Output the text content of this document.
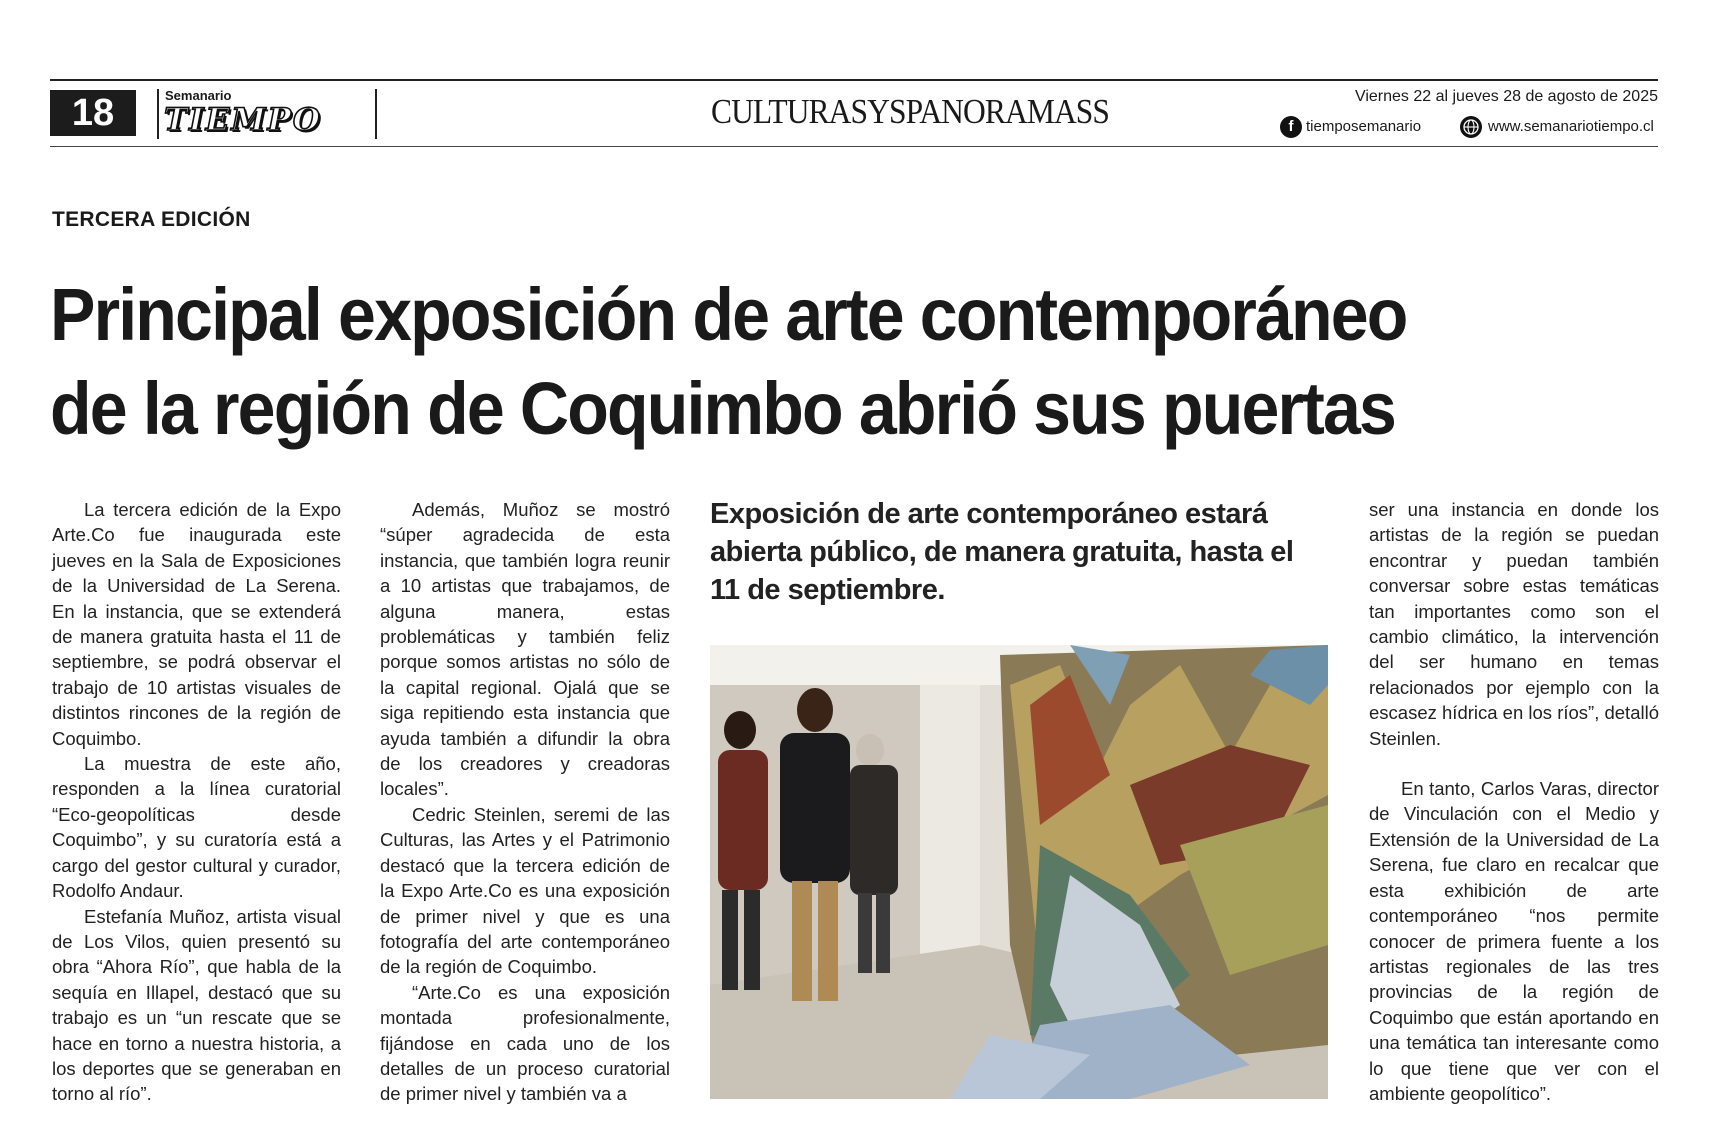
18	Semanario
TIEMPO	CULTURASYSPANORAMASS	Viernes 22 al jueves 28 de agosto de 2025
f tiemposemanario	www.semanariotiempo.cl
TERCERA EDICIÓN
Principal exposición de arte contemporáneo
de la región de Coquimbo abrió sus puertas

La tercera edición de la Expo Arte.Co fue inaugurada este jueves en la Sala de Exposiciones de la Universidad de La Serena. En la instancia, que se extenderá de manera gratuita hasta el 11 de septiembre, se podrá observar el trabajo de 10 artistas visuales de distintos rincones de la región de Coquimbo.

La muestra de este año, responden a la línea curatorial “Eco-geopolíticas desde Coquimbo”, y su curatoría está a cargo del gestor cultural y curador, Rodolfo Andaur.

Estefanía Muñoz, artista visual de Los Vilos, quien presentó su obra “Ahora Río”, que habla de la sequía en Illapel, destacó que su trabajo es un “un rescate que se hace en torno a nuestra historia, a los deportes que se generaban en torno al río”.

Además, Muñoz se mostró “súper agradecida de esta instancia, que también logra reunir a 10 artistas que trabajamos, de alguna manera, estas problemáticas y también feliz porque somos artistas no sólo de la capital regional. Ojalá que se siga repitiendo esta instancia que ayuda también a difundir la obra de los creadores y creadoras locales”.

Cedric Steinlen, seremi de las Culturas, las Artes y el Patrimonio destacó que la tercera edición de la Expo Arte.Co es una exposición de primer nivel y que es una fotografía del arte contemporáneo de la región de Coquimbo.

“Arte.Co es una exposición montada profesionalmente, fijándose en cada uno de los detalles de un proceso curatorial de primer nivel y también va a

Exposición de arte contemporáneo estará abierta público, de manera gratuita, hasta el 11 de septiembre.

ser una instancia en donde los artistas de la región se puedan encontrar y puedan también conversar sobre estas temáticas tan importantes como son el cambio climático, la intervención del ser humano en temas relacionados por ejemplo con la escasez hídrica en los ríos”, detalló Steinlen.

En tanto, Carlos Varas, director de Vinculación con el Medio y Extensión de la Universidad de La Serena, fue claro en recalcar que esta exhibición de arte contemporáneo “nos permite conocer de primera fuente a los artistas regionales de las tres provincias de la región de Coquimbo que están aportando en una temática tan interesante como lo que tiene que ver con el ambiente geopolítico”.
